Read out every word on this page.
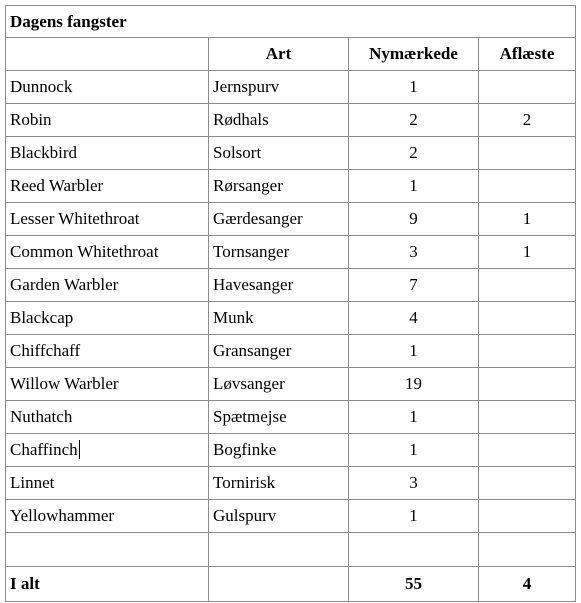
Dagens fangster			
	Art	Nymærkede	Aflæste
Dunnock	Jernspurv	1	
Robin	Rødhals	2	2
Blackbird	Solsort	2	
Reed Warbler	Rørsanger	1	
Lesser Whitethroat	Gærdesanger	9	1
Common Whitethroat	Tornsanger	3	1
Garden Warbler	Havesanger	7	
Blackcap	Munk	4	
Chiffchaff	Gransanger	1	
Willow Warbler	Løvsanger	19	
Nuthatch	Spætmejse	1	
Chaffinch	Bogfinke	1	
Linnet	Tornirisk	3	
Yellowhammer	Gulspurv	1	

I alt		55	4
